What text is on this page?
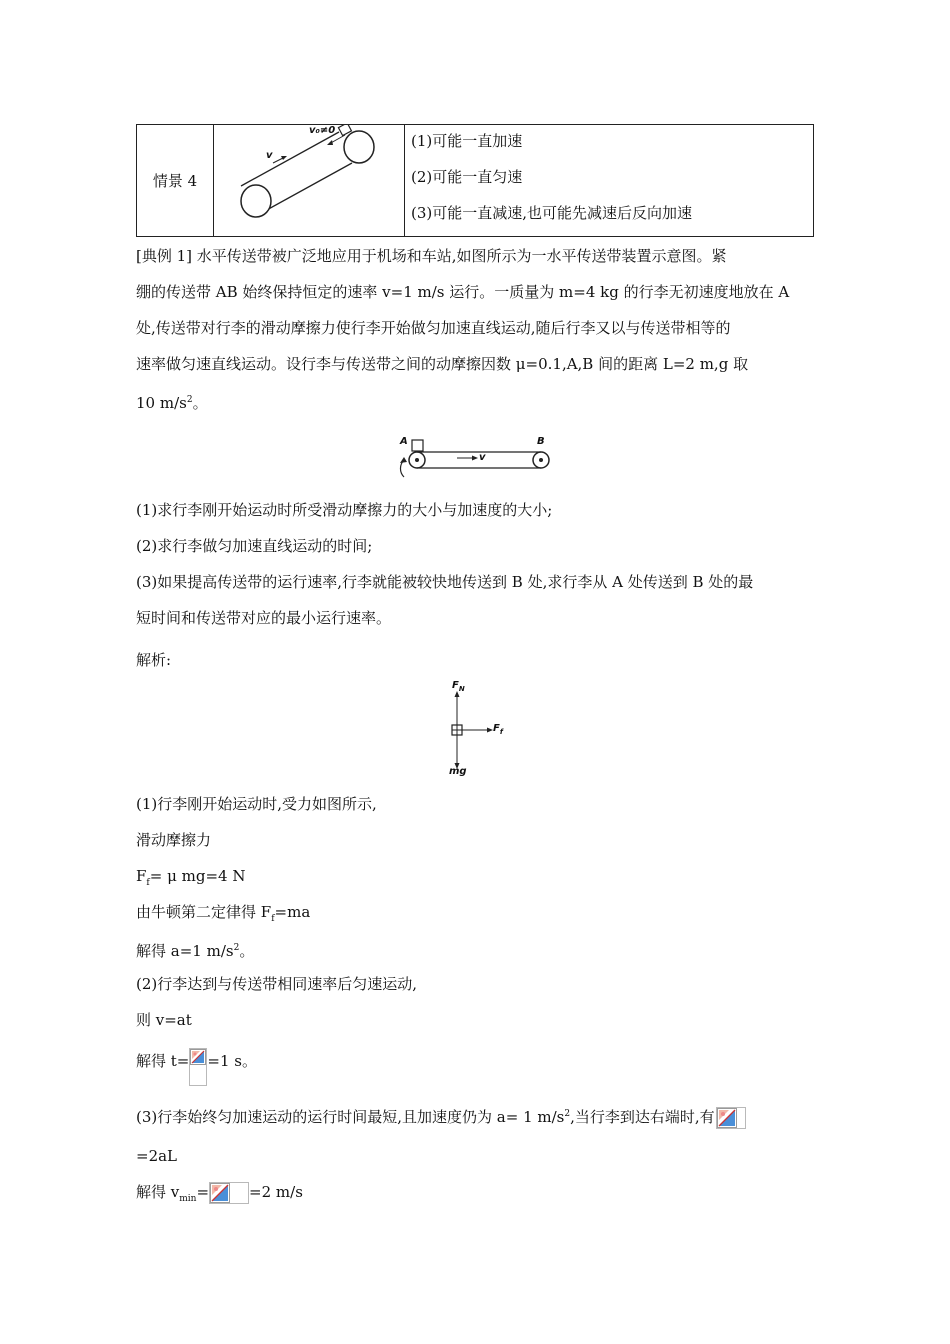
情景 4	
v₀≠0
v

(1)可能一直加速
(2)可能一直匀速
(3)可能一直减速,也可能先减速后反向加速
[典例 1] 水平传送带被广泛地应用于机场和车站,如图所示为一水平传送带装置示意图。紧
绷的传送带 AB 始终保持恒定的速率 v=1 m/s 运行。一质量为 m=4 kg 的行李无初速度地放在 A
处,传送带对行李的滑动摩擦力使行李开始做匀加速直线运动,随后行李又以与传送带相等的
速率做匀速直线运动。设行李与传送带之间的动摩擦因数 μ=0.1,A,B 间的距离 L=2 m,g 取
10 $m/s^2$。
A	B
v
(1)求行李刚开始运动时所受滑动摩擦力的大小与加速度的大小;
(2)求行李做匀加速直线运动的时间;
(3)如果提高传送带的运行速率,行李就能被较快地传送到 B 处,求行李从 A 处传送到 B 处的最
短时间和传送带对应的最小运行速率。
解析:
$F_N$
$F_f$
mg
(1)行李刚开始运动时,受力如图所示,
滑动摩擦力
$F_f= \mu$ mg=4 N
由牛顿第二定律得 $F_f=ma$
解得 a=1 $m/s^2$。
(2)行李达到与传送带相同速率后匀速运动,
则 v=at
解得 t= =1 s。
(3)行李始终匀加速运动的运行时间最短,且加速度仍为 a= 1 $m/s^2$,当行李到达右端时,有
=2aL
解得 $v_{min}=$	=2 m/s
